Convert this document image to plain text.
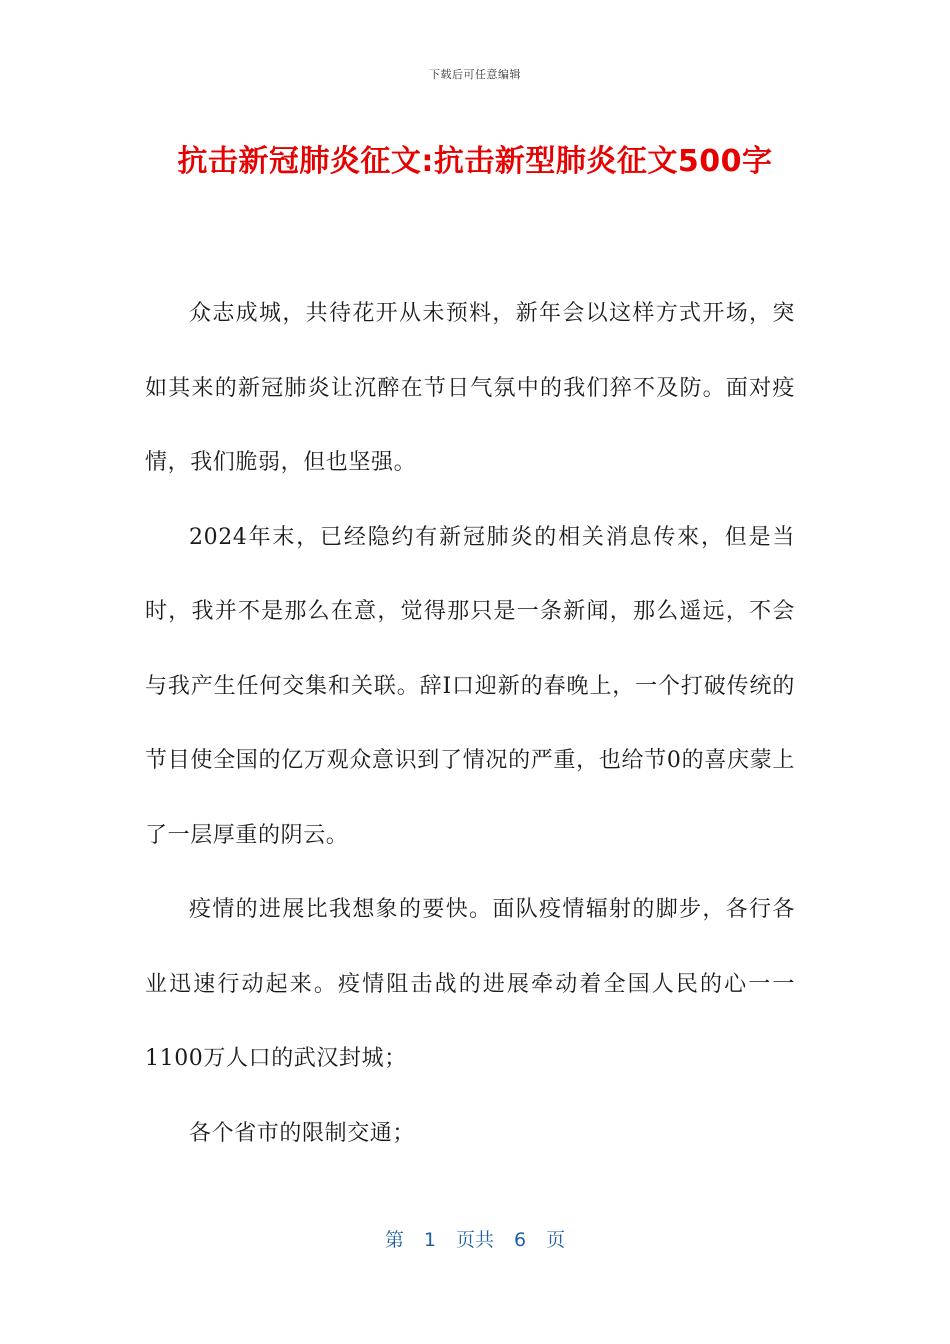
下载后可任意编辑
抗击新冠肺炎征文:抗击新型肺炎征文500字

众志成城，共待花开从未预料，新年会以这样方式开场，突如其来的新冠肺炎让沉醉在节日气氛中的我们猝不及防。面对疫情，我们脆弱，但也坚强。

2024年末，已经隐约有新冠肺炎的相关消息传來，但是当时，我并不是那么在意，觉得那只是一条新闻，那么遥远，不会与我产生任何交集和关联。辞I口迎新的春晚上，一个打破传统的节目使全国的亿万观众意识到了情况的严重，也给节0的喜庆蒙上了一层厚重的阴云。

疫情的进展比我想象的要快。面队疫情辐射的脚步，各行各业迅速行动起来。疫情阻击战的进展牵动着全国人民的心一一1100万人口的武汉封城；

各个省市的限制交通；

第 1 页共 6 页
